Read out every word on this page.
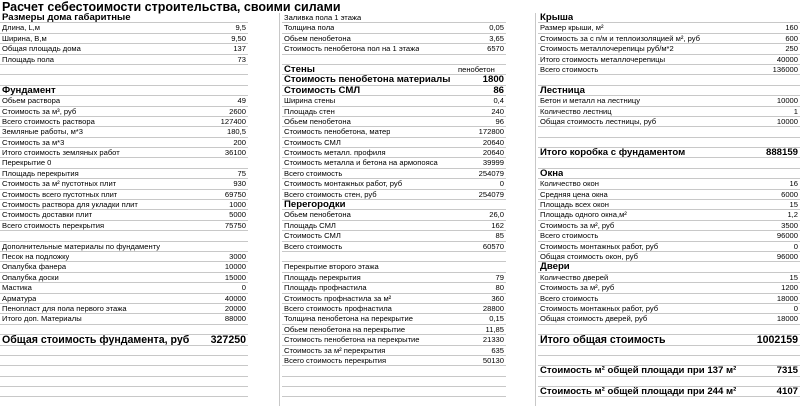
Расчет себестоимости строительства, своими силами
Размеры дома габаритные
Длина, L,м	9,5
Ширина, В,м	9,50
Общая площадь дома	137
Площадь пола	73
Фундамент
Обьем раствора	49
Стоимость за м³, руб	2600
Всего стоимость раствора	127400
Земляные работы, м*3	180,5
Стоимость за м*3	200
Итого стоимость земляных работ	36100
Перекрытие 0
Площадь перекрытия	75
Стоимость за м² пустотных плит	930
Стоимость всего пустотных плит	69750
Стоимость раствора для укладки плит	1000
Стоимость доставки плит	5000
Всего стоимость перекрытия	75750
Дополнительные материалы по фундаменту
Песок на подложку	3000
Опалубка фанера	10000
Опалубка доски	15000
Мастика	0
Арматура	40000
Пенопласт для пола первого этажа	20000
Итого доп. Материалы	88000
Общая стоимость фундамента, руб 327250
Заливка пола 1 этажа
Толщина пола	0,05
Обьем пенобетона	3,65
Стоимость пенобетона пол на 1 этажа	6570
Стены	пенобетон
Стоимость пенобетона материалы	1800
Стоимость СМЛ	86
Ширина стены	0,4
Площадь стен	240
Обьем пенобетона	96
Стоимость пенобетона, матер	172800
Стоимость СМЛ	20640
Стоимость металл. профиля	20640
Стоимость металла и бетона на армопояса	39999
Всего стоимость	254079
Стоимость монтажных работ, руб	0
Всего стоимость стен, руб	254079
Перегородки
Обьем пенобетона	26,0
Площадь СМЛ	162
Стоимость СМЛ	85
Всего стоимость	60570
Перекрытие второго этажа
Площадь перекрытия	79
Площадь профнастила	80
Стоимость профнастила за м²	360
Всего стоимость профнастила	28800
Толщина пенобетона на перекрытие	0,15
Обьем пенобетона на перекрытие	11,85
Стоимость пенобетона на перекрытие	21330
Стоимость за м² перекрытия	635
Всего стоимость перекрытия	50130
Крыша
Размер крыши, м²	160
Стоимость за с п/м и теплоизоляцией м², руб	600
Стоимость металлочерепицы руб/м*2	250
Итого стоимость металлочерепицы	40000
Всего стоимость	136000
Лестница
Бетон и металл на лестницу	10000
Количество лестниц	1
Общая стоимость лестницы, руб	10000
Итого коробка с фундаментом	888159
Окна
Количество окон	16
Средняя цена окна	6000
Площадь всех окон	15
Площадь одного окна,м²	1,2
Стоимость за м², руб	3500
Всего стоимость	96000
Стоимость монтажных работ, руб	0
Общая стоимость окон, руб	96000
Двери
Количество дверей	15
Стоимость за м², руб	1200
Всего стоимость	18000
Стоимость монтажных работ, руб	0
Общая стоимость дверей, руб	18000
Итого общая стоимость	1002159
Стоимость м² общей площади при 137 м²	7315
Стоимость м² общей площади при 244 м²	4107
